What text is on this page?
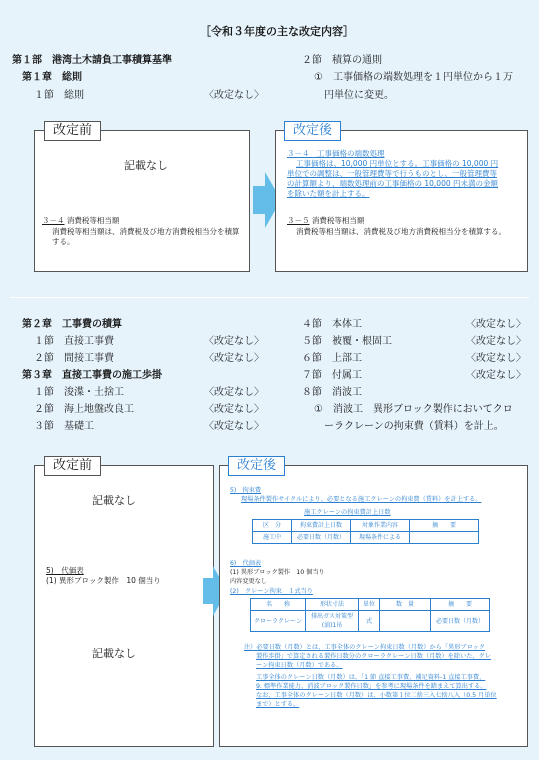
［令和３年度の主な改定内容］
第１部　港湾土木請負工事積算基準
第１章　総則
１節　総則	〈改定なし〉
２節　積算の通則
①　工事価格の端数処理を１円単位から１万
円単位に変更。
改定前
記載なし
３－４ 消費税等相当額
消費税等相当額は、消費税及び地方消費税相当分を積算する。
改定後
３－４　工事価格の端数処理
工事価格は、10,000 円単位とする。工事価格の 10,000 円
単位での調整は、一般管理費等で行うものとし、一般管理費等
の計算額より、端数処理前の工事価格の 10,000 円未満の金額
を除いた額を計上する。
３－５ 消費税等相当額
消費税等相当額は、消費税及び地方消費税相当分を積算する。
第２章　工事費の積算
１節　直接工事費	〈改定なし〉
２節　間接工事費	〈改定なし〉
第３章　直接工事費の施工歩掛
１節　浚渫・土捨工	〈改定なし〉
２節　海上地盤改良工	〈改定なし〉
３節　基礎工	〈改定なし〉
４節　本体工	〈改定なし〉
５節　被覆・根固工	〈改定なし〉
６節　上部工	〈改定なし〉
７節　付属工	〈改定なし〉
８節　消波工
①　消波工　異形ブロック製作においてクロ
ーラクレーンの拘束費（賃料）を計上。
改定前
記載なし
5)　代価表
(1) 異形ブロック製作　10 個当り
記載なし
改定後
5)　拘束費
現場条件製作サイクルにより、必要となる施工クレーンの拘束費（賃料）を計上する。
施工クレーンの拘束費計上日数
区　分	拘束費計上日数	対象作業内容	摘　　要
施工中	必要日数（月数）	現場条件による	
6)　代価表
(1) 異形ブロック製作　10 個当り
内容変更なし
(2)　クレーン拘束　１式当り
名　　称	形状寸法	単位	数　量	摘　　要
クローラクレーン	排出ガス対策型(油)1吊	式		必要日数（月数）
注）必要日数（月数）とは、工事全体のクレーン拘束日数（月数）から「異形ブロック
製作歩掛」で算定される製作日数分のクローラクレーン日数（月数）を除いた、クレ
ーン拘束日数（月数）である。
工事全体のクレーン日数（月数）は、「1 節 直接工事費、補足資料-1 直接工事費、
9. 標準作業能力、消波ブロック製作日数」を参考に現場条件を踏まえて算出する。
なお、工事全体のクレーン日数（月数）は、小数第１位二捨三入七捨八入（0.5 月単位
まで）とする。
